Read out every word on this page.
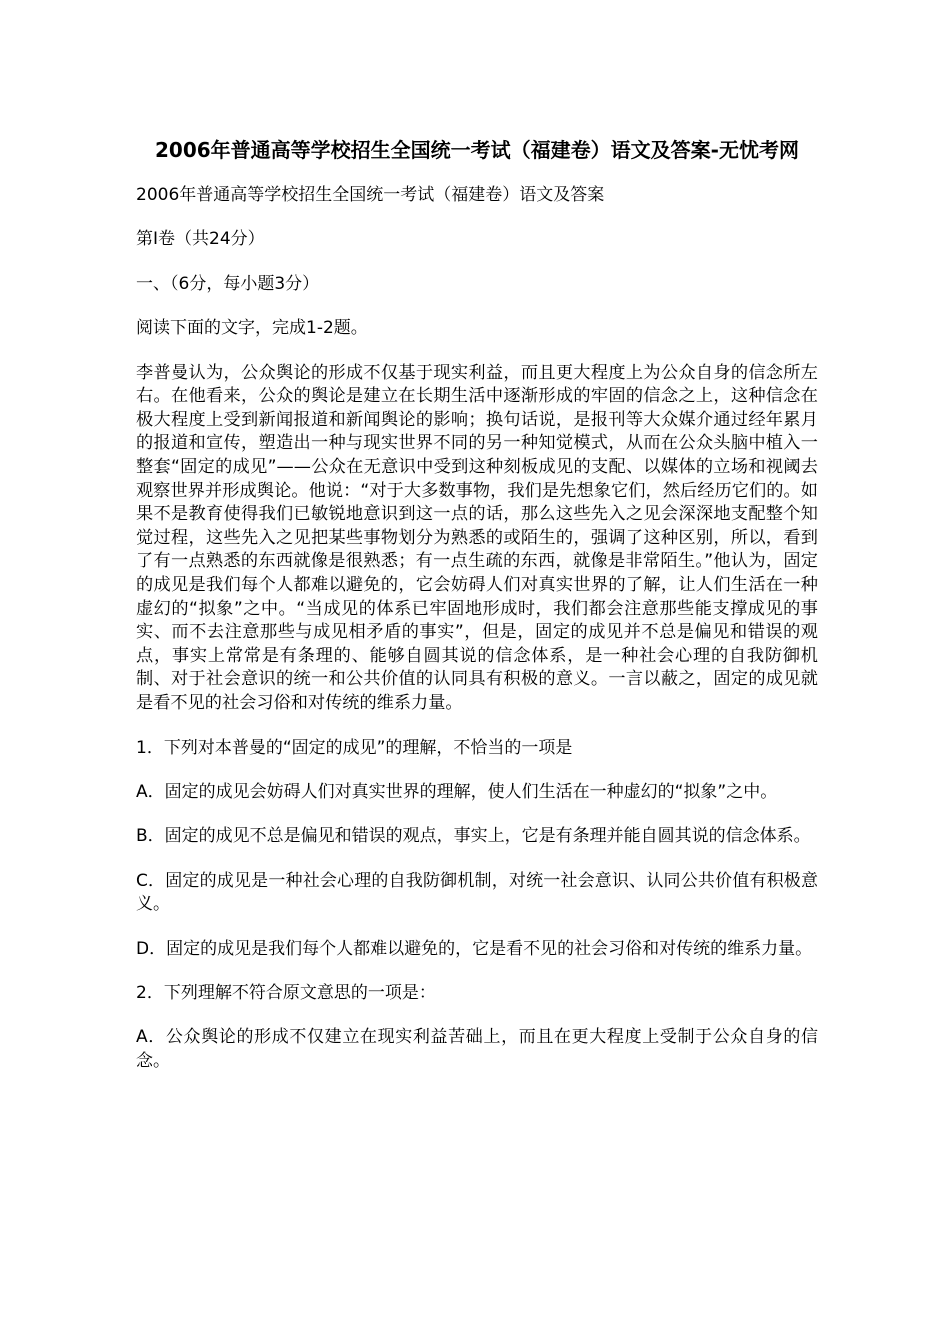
2006年普通高等学校招生全国统一考试（福建卷）语文及答案-无忧考网

2006年普通高等学校招生全国统一考试（福建卷）语文及答案

第Ⅰ卷（共24分）

一、（6分，每小题3分）

阅读下面的文字，完成1-2题。

李普曼认为，公众舆论的形成不仅基于现实利益，而且更大程度上为公众自身的信念所左右。在他看来，公众的舆论是建立在长期生活中逐渐形成的牢固的信念之上，这种信念在极大程度上受到新闻报道和新闻舆论的影响；换句话说，是报刊等大众媒介通过经年累月的报道和宣传，塑造出一种与现实世界不同的另一种知觉模式，从而在公众头脑中植入一整套“固定的成见”——公众在无意识中受到这种刻板成见的支配、以媒体的立场和视阈去观察世界并形成舆论。他说：“对于大多数事物，我们是先想象它们，然后经历它们的。如果不是教育使得我们已敏锐地意识到这一点的话，那么这些先入之见会深深地支配整个知觉过程，这些先入之见把某些事物划分为熟悉的或陌生的，强调了这种区别，所以，看到了有一点熟悉的东西就像是很熟悉；有一点生疏的东西，就像是非常陌生。”他认为，固定的成见是我们每个人都难以避免的，它会妨碍人们对真实世界的了解，让人们生活在一种虚幻的“拟象”之中。“当成见的体系已牢固地形成时，我们都会注意那些能支撑成见的事实、而不去注意那些与成见相矛盾的事实”，但是，固定的成见并不总是偏见和错误的观点，事实上常常是有条理的、能够自圆其说的信念体系，是一种社会心理的自我防御机制、对于社会意识的统一和公共价值的认同具有积极的意义。一言以蔽之，固定的成见就是看不见的社会习俗和对传统的维系力量。

1．下列对本普曼的“固定的成见”的理解，不恰当的一项是

A．固定的成见会妨碍人们对真实世界的理解，使人们生活在一种虚幻的“拟象”之中。

B．固定的成见不总是偏见和错误的观点，事实上，它是有条理并能自圆其说的信念体系。

C．固定的成见是一种社会心理的自我防御机制，对统一社会意识、认同公共价值有积极意义。

D．固定的成见是我们每个人都难以避免的，它是看不见的社会习俗和对传统的维系力量。

2．下列理解不符合原文意思的一项是：

A．公众舆论的形成不仅建立在现实利益苦础上，而且在更大程度上受制于公众自身的信念。
